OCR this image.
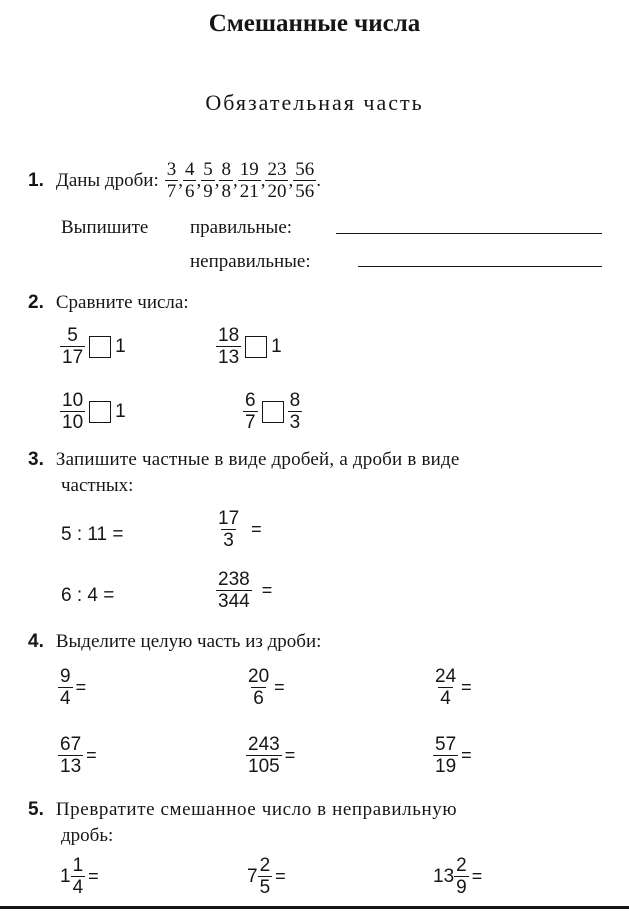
Смешанные числа
Обязательная часть
1. Даны дроби: $\frac{3}{7}$ , $\frac{4}{6}$ , $\frac{5}{9}$ , $\frac{8}{8}$ , $\frac{19}{21}$ , $\frac{23}{20}$ , $\frac{56}{56}$ .
Выпишите правильные:
неправильные:
2. Сравните числа:
$\frac{5}{17} 1$	$\frac{18}{13} 1$
$\frac{10}{10} 1$	$\frac{6}{7} \frac{8}{3}$
3. Запишите частные в виде дробей, а дроби в виде
частных:
5 : 11 =	$\frac{17}{3}$ =
6 : 4 =	$\frac{238}{344}$ =
4. Выделите целую часть из дроби:
$\frac{9}{4}$ =	$\frac{20}{6}$ =	$\frac{24}{4}$ =
$\frac{67}{13}$ =	$\frac{243}{105}$ =	$\frac{57}{19}$ =
5. Превратите смешанное число в неправильную
дробь:
$1 \frac{1}{4}$ =	$7 \frac{2}{5}$ =	$13 \frac{2}{9}$ =
